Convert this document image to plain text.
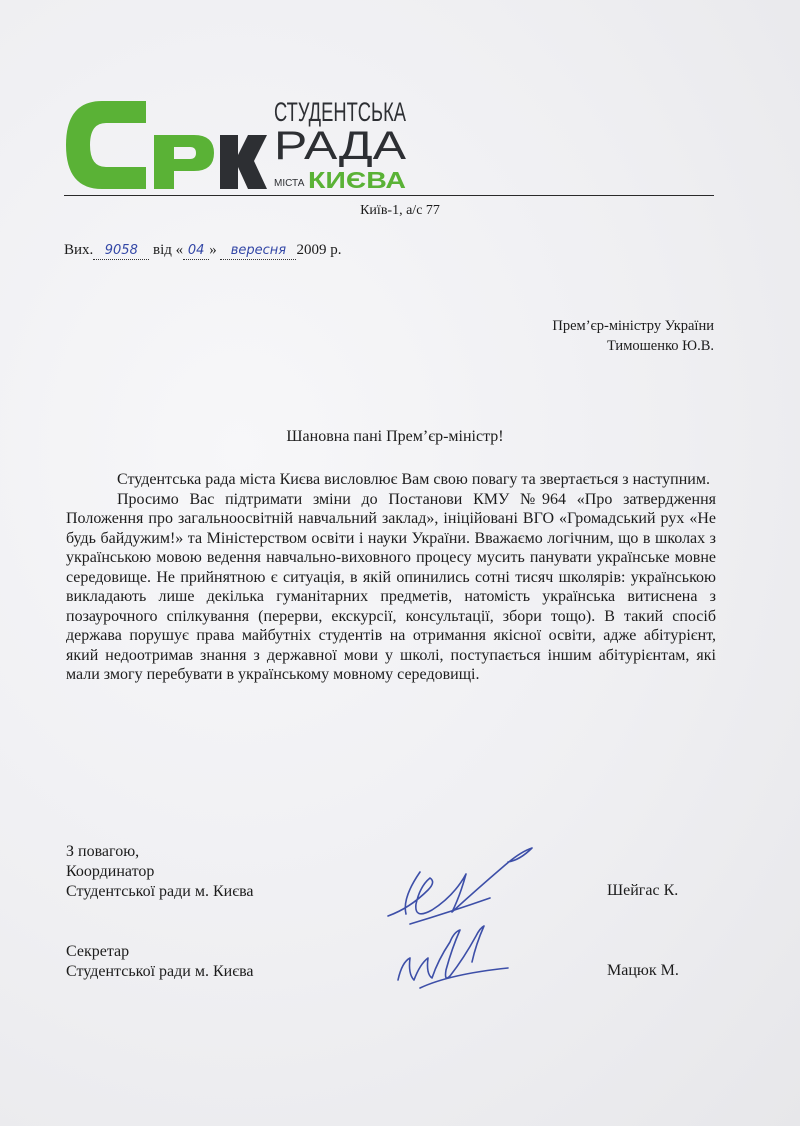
СТУДЕНТСЬКА
РАДА
МІСТА КИЄВА
Київ-1, а/с 77
Вих. 9058 від « 04 » вересня 2009 р.
Прем’єр-міністру України
Тимошенко Ю.В.
Шановна пані Прем’єр-міністр!

Студентська рада міста Києва висловлює Вам свою повагу та звертається з наступним.

Просимо Вас підтримати зміни до Постанови КМУ №964 «Про затвердження Положення про загальноосвітній навчальний заклад», ініційовані ВГО «Громадський рух «Не будь байдужим!» та Міністерством освіти і науки України. Вважаємо логічним, що в школах з українською мовою ведення навчально-виховного процесу мусить панувати українське мовне середовище. Не прийнятною є ситуація, в якій опинились сотні тисяч школярів: українською викладають лише декілька гуманітарних предметів, натомість українська витиснена з позаурочного спілкування (перерви, екскурсії, консультації, збори тощо). В такий спосіб держава порушує права майбутніх студентів на отримання якісної освіти, адже абітурієнт, який недоотримав знання з державної мови у школі, поступається іншим абітурієнтам, які мали змогу перебувати в українському мовному середовищі.

З повагою,
Координатор
Студентської ради м. Києва	Шейгас К.
Секретар
Студентської ради м. Києва	Мацюк М.
